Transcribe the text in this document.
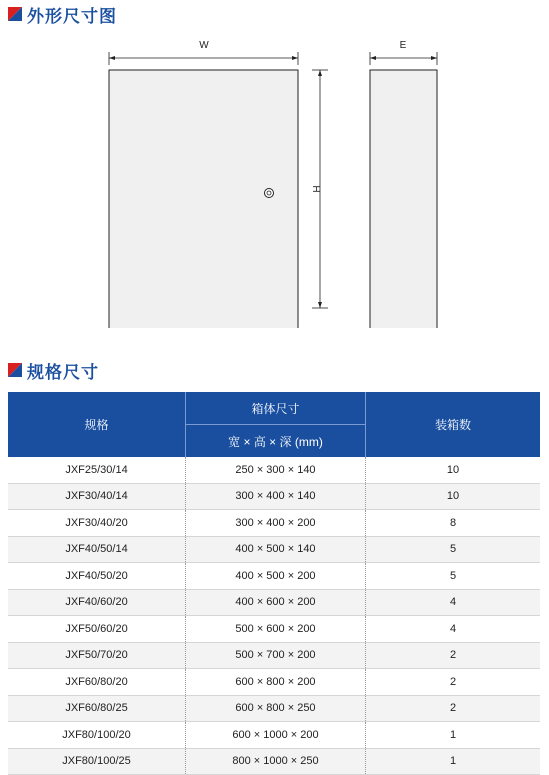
外形尺寸图
W
H
E
规格尺寸
规格	箱体尺寸	装箱数
	宽 × 高 × 深 (mm)	
JXF25/30/14	250 × 300 × 140	10
JXF30/40/14	300 × 400 × 140	10
JXF30/40/20	300 × 400 × 200	8
JXF40/50/14	400 × 500 × 140	5
JXF40/50/20	400 × 500 × 200	5
JXF40/60/20	400 × 600 × 200	4
JXF50/60/20	500 × 600 × 200	4
JXF50/70/20	500 × 700 × 200	2
JXF60/80/20	600 × 800 × 200	2
JXF60/80/25	600 × 800 × 250	2
JXF80/100/20	600 × 1000 × 200	1
JXF80/100/25	800 × 1000 × 250	1
